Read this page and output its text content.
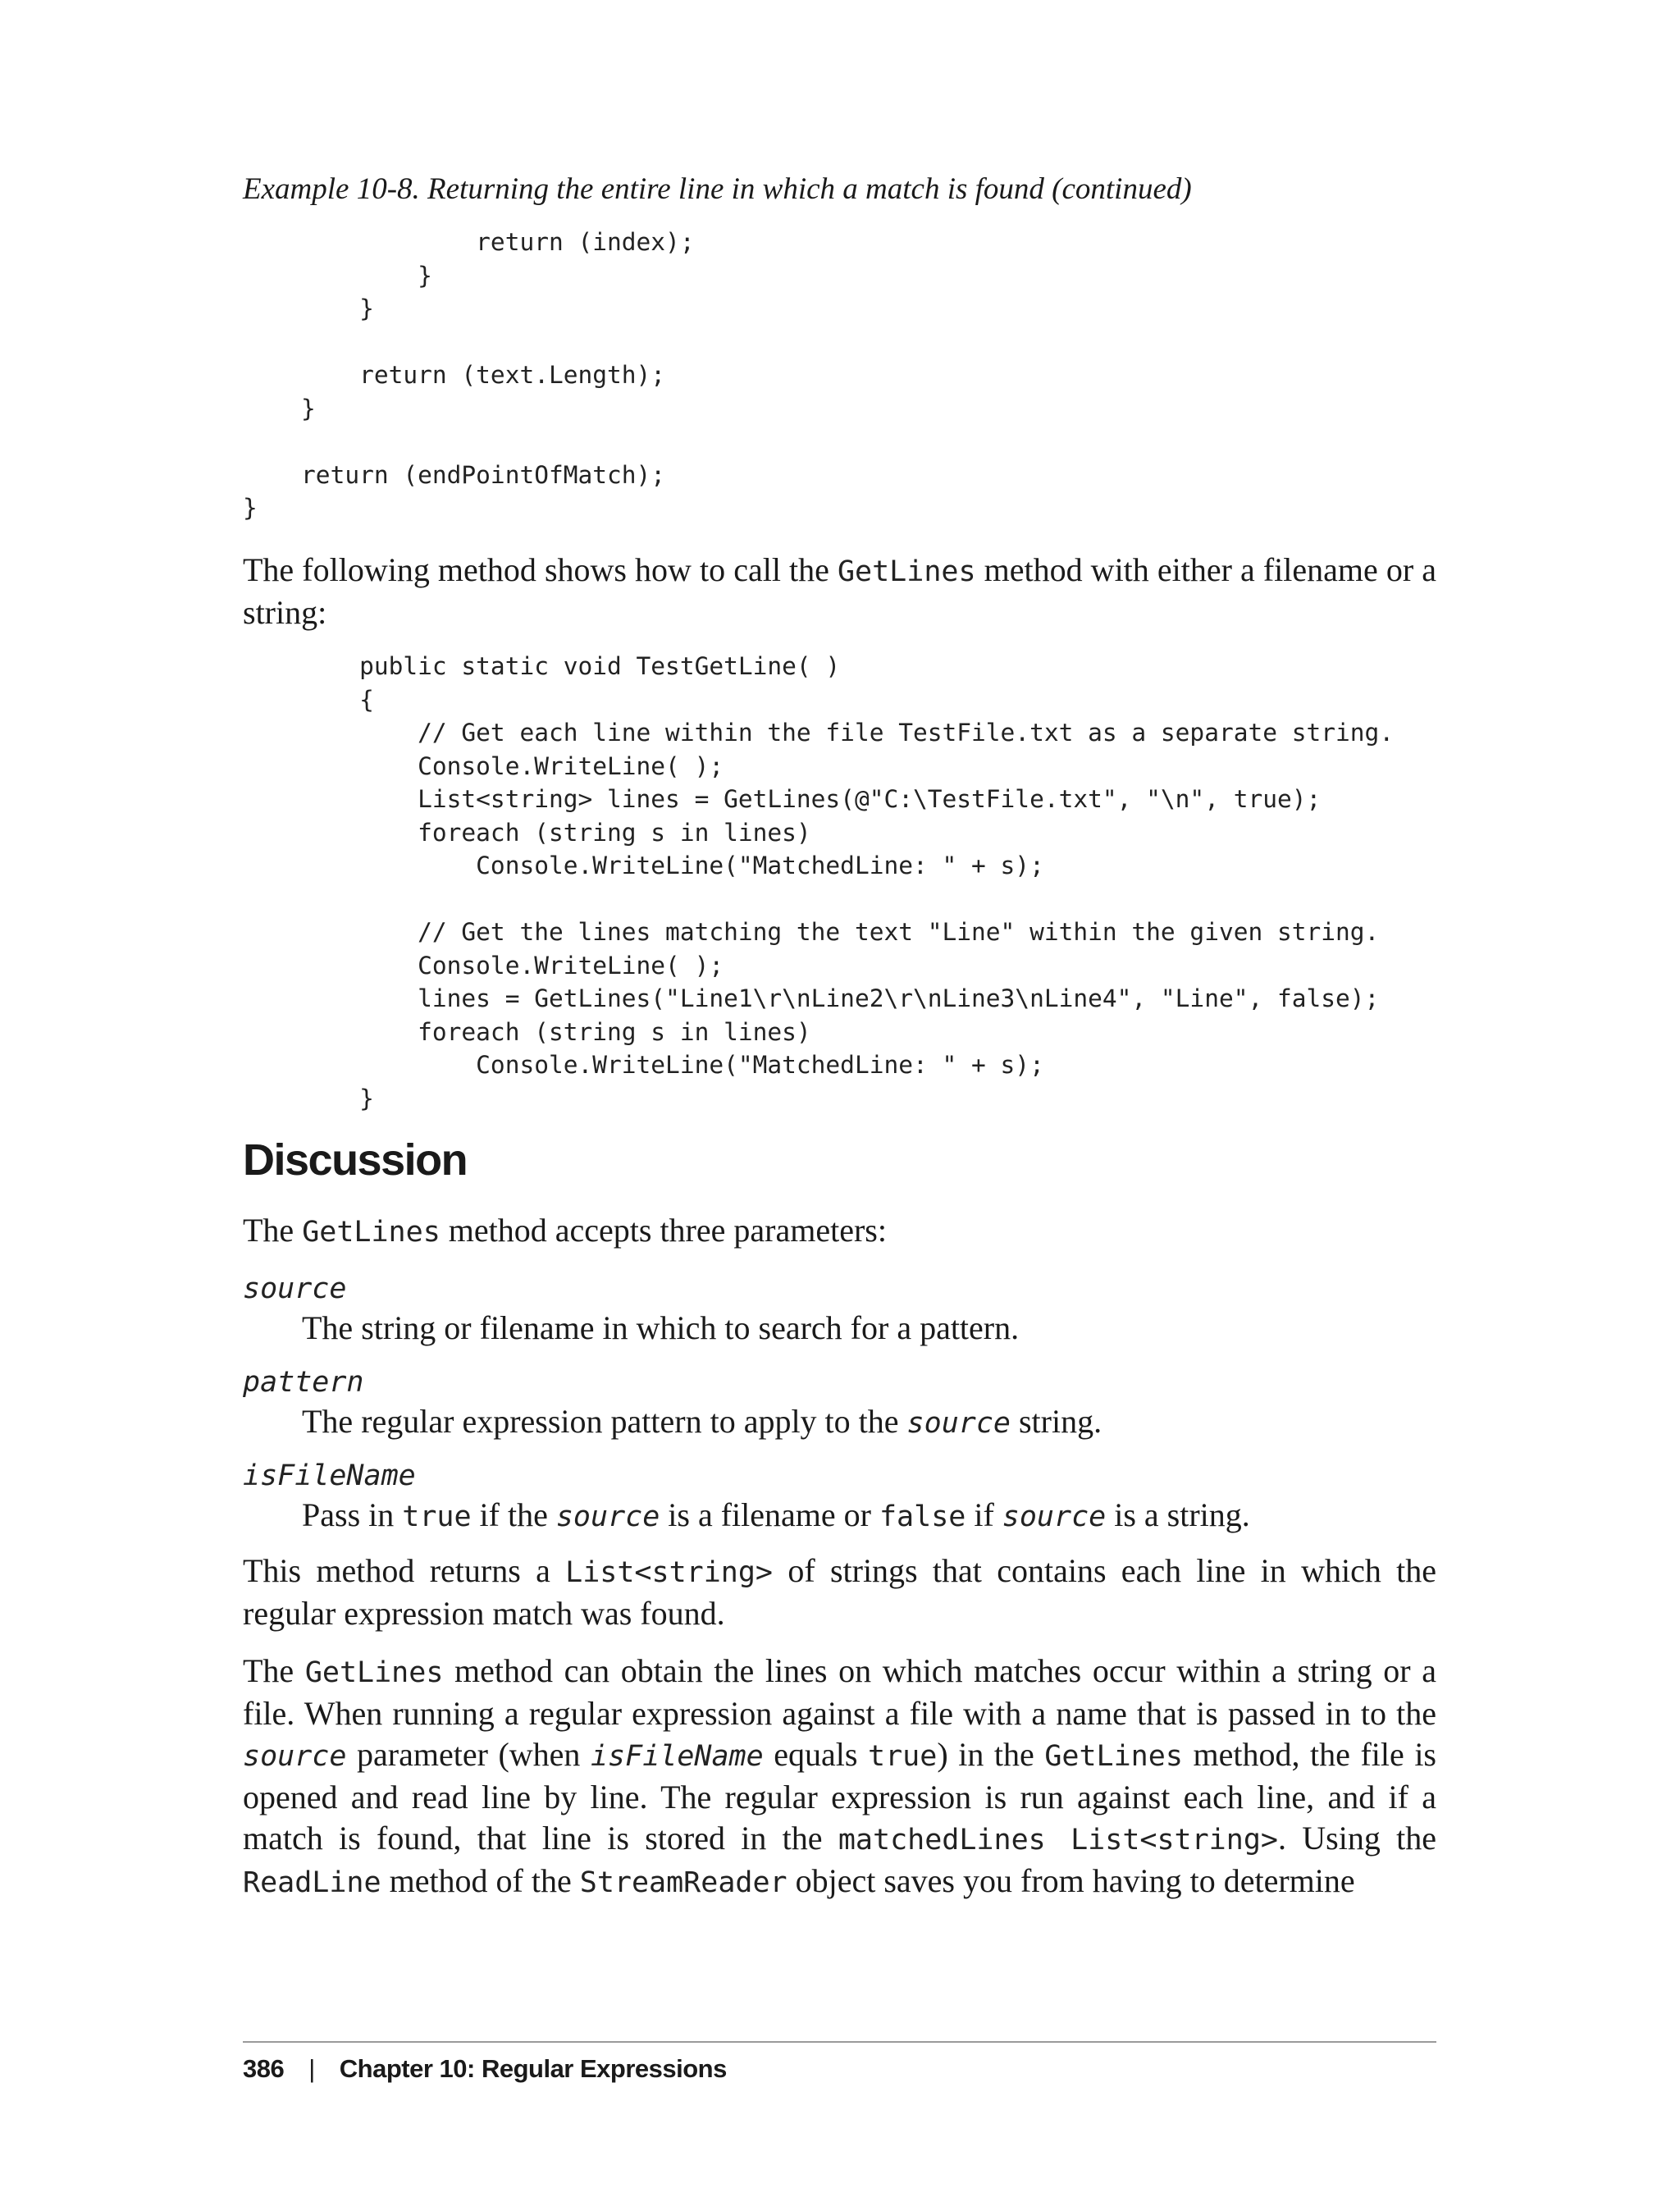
Example 10-8. Returning the entire line in which a match is found (continued)
return (index);
}
}

return (text.Length);
}

return (endPointOfMatch);
}

The following method shows how to call the GetLines method with either a filename or a string:

public static void TestGetLine( )
{
// Get each line within the file TestFile.txt as a separate string.
Console.WriteLine( );
List<string> lines = GetLines(@"C:\TestFile.txt", "\n", true);
foreach (string s in lines)
Console.WriteLine("MatchedLine: " + s);

// Get the lines matching the text "Line" within the given string.
Console.WriteLine( );
lines = GetLines("Line1\r\nLine2\r\nLine3\nLine4", "Line", false);
foreach (string s in lines)
Console.WriteLine("MatchedLine: " + s);
}
Discussion

The GetLines method accepts three parameters:

source
The string or filename in which to search for a pattern.
pattern
The regular expression pattern to apply to the source string.
isFileName
Pass in true if the source is a filename or false if source is a string.

This method returns a List<string> of strings that contains each line in which the regular expression match was found.

The GetLines method can obtain the lines on which matches occur within a string or a file. When running a regular expression against a file with a name that is passed in to the source parameter (when isFileName equals true) in the GetLines method, the file is opened and read line by line. The regular expression is run against each line, and if a match is found, that line is stored in the matchedLines List<string>. Using the ReadLine method of the StreamReader object saves you from having to determine

386 | Chapter 10: Regular Expressions
